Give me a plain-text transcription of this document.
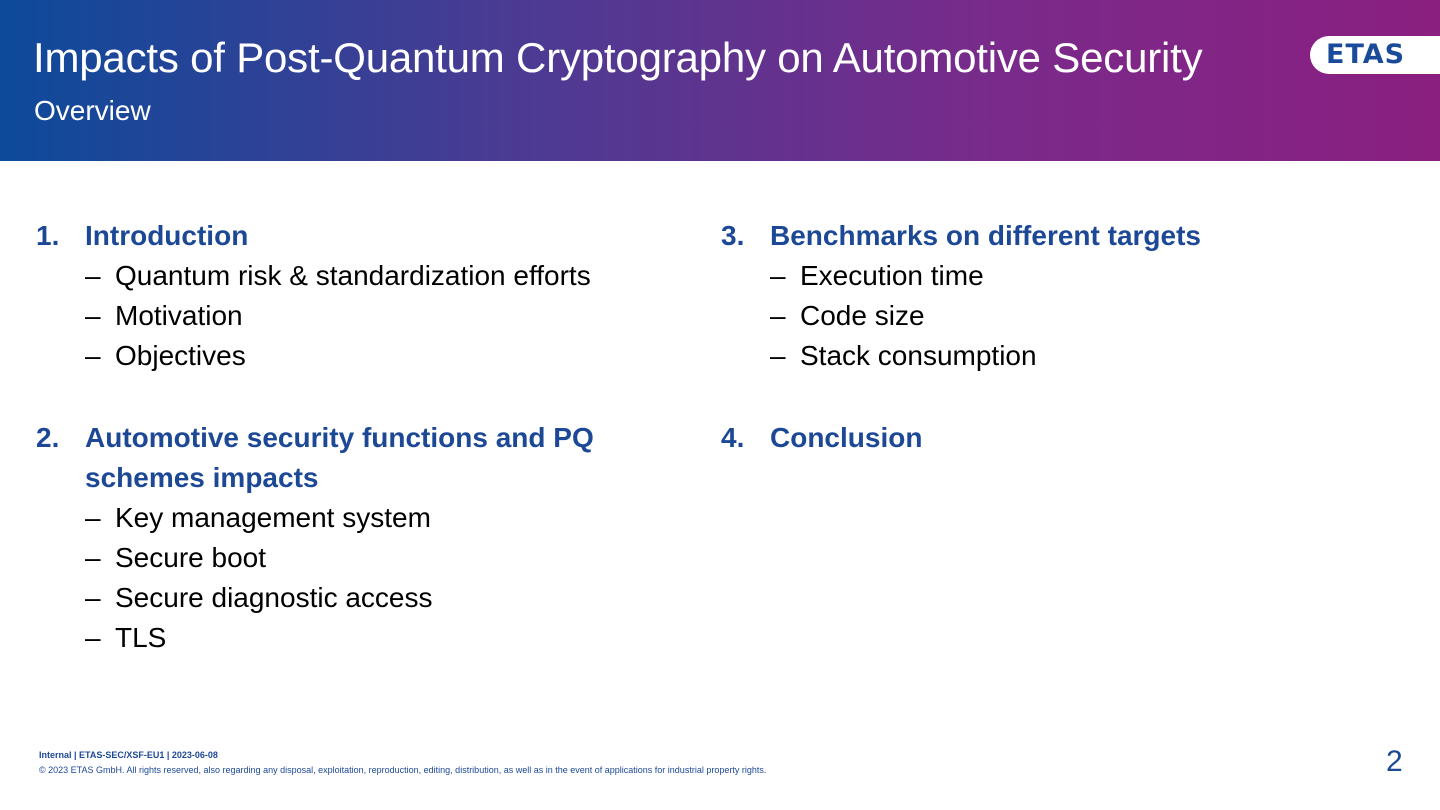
Impacts of Post-Quantum Cryptography on Automotive Security
Overview
ETAS
1. Introduction
– Quantum risk & standardization efforts
– Motivation
– Objectives
2. Automotive security functions and PQ
schemes impacts
– Key management system
– Secure boot
– Secure diagnostic access
– TLS
3. Benchmarks on different targets
– Execution time
– Code size
– Stack consumption
4. Conclusion
Internal | ETAS-SEC/XSF-EU1 | 2023-06-08
© 2023 ETAS GmbH. All rights reserved, also regarding any disposal, exploitation, reproduction, editing, distribution, as well as in the event of applications for industrial property rights.	2
